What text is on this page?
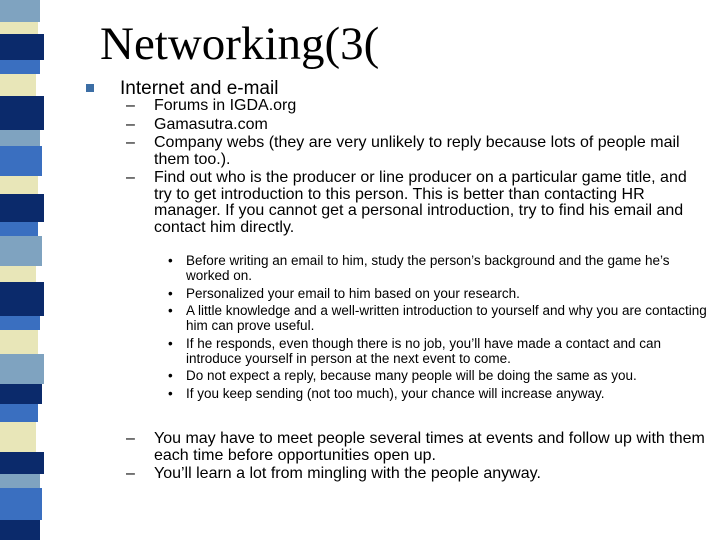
Networking(3(
Internet and e-mail
– Forums in IGDA.org
– Gamasutra.com
– Company webs (they are very unlikely to reply because lots of people mail them too.).
– Find out who is the producer or line producer on a particular game title, and try to get introduction to this person. This is better than contacting HR manager. If you cannot get a personal introduction, try to find his email and contact him directly.
• Before writing an email to him, study the person’s background and the game he’s worked on.
• Personalized your email to him based on your research.
• A little knowledge and a well-written introduction to yourself and why you are contacting him can prove useful.
• If he responds, even though there is no job, you’ll have made a contact and can introduce yourself in person at the next event to come.
• Do not expect a reply, because many people will be doing the same as you.
• If you keep sending (not too much), your chance will increase anyway.
– You may have to meet people several times at events and follow up with them each time before opportunities open up.
– You’ll learn a lot from mingling with the people anyway.
